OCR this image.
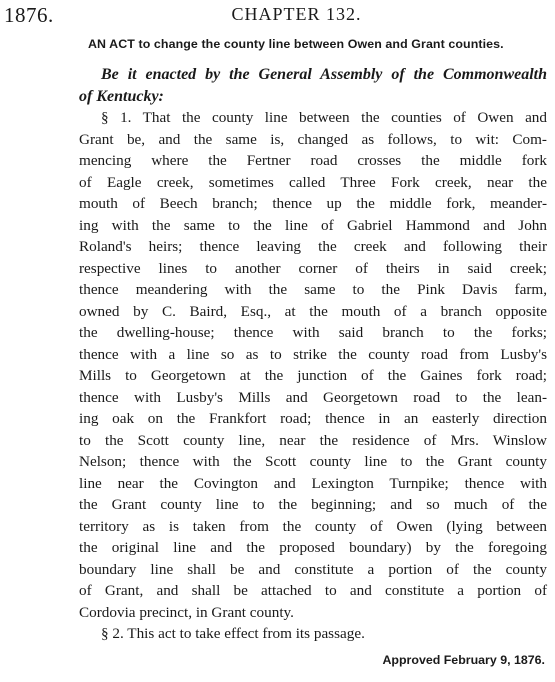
1876.	CHAPTER 132.
AN ACT to change the county line between Owen and Grant counties.
Be it enacted by the General Assembly of the Commonwealth
of Kentucky:
§ 1. That the county line between the counties of Owen and
Grant be, and the same is, changed as follows, to wit: Com-
mencing where the Fertner road crosses the middle fork
of Eagle creek, sometimes called Three Fork creek, near the
mouth of Beech branch; thence up the middle fork, meander-
ing with the same to the line of Gabriel Hammond and John
Roland's heirs; thence leaving the creek and following their
respective lines to another corner of theirs in said creek;
thence meandering with the same to the Pink Davis farm,
owned by C. Baird, Esq., at the mouth of a branch opposite
the dwelling-house; thence with said branch to the forks;
thence with a line so as to strike the county road from Lusby's
Mills to Georgetown at the junction of the Gaines fork road;
thence with Lusby's Mills and Georgetown road to the lean-
ing oak on the Frankfort road; thence in an easterly direction
to the Scott county line, near the residence of Mrs. Winslow
Nelson; thence with the Scott county line to the Grant county
line near the Covington and Lexington Turnpike; thence with
the Grant county line to the beginning; and so much of the
territory as is taken from the county of Owen (lying between
the original line and the proposed boundary) by the foregoing
boundary line shall be and constitute a portion of the county
of Grant, and shall be attached to and constitute a portion of
Cordovia precinct, in Grant county.
§ 2. This act to take effect from its passage.
Approved February 9, 1876.
